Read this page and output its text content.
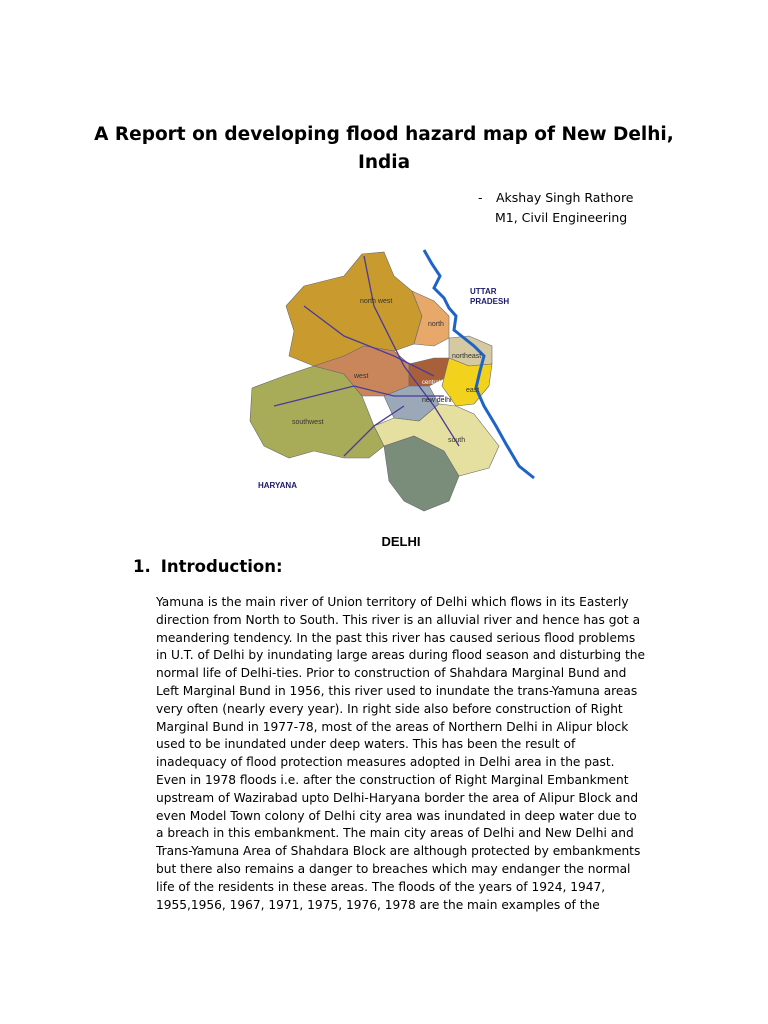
A Report on developing flood hazard map of New Delhi,
India
- Akshay Singh Rathore
M1, Civil Engineering
north west
north
northeast
west
central
new delhi
east
southwest
south
UTTAR
PRADESH
HARYANA
DELHI
1. Introduction:
Yamuna is the main river of Union territory of Delhi which flows in its Easterly
direction from North to South. This river is an alluvial river and hence has got a
meandering tendency. In the past this river has caused serious flood problems
in U.T. of Delhi by inundating large areas during flood season and disturbing the
normal life of Delhi-ties. Prior to construction of Shahdara Marginal Bund and
Left Marginal Bund in 1956, this river used to inundate the trans-Yamuna areas
very often (nearly every year). In right side also before construction of Right
Marginal Bund in 1977-78, most of the areas of Northern Delhi in Alipur block
used to be inundated under deep waters. This has been the result of
inadequacy of flood protection measures adopted in Delhi area in the past.
Even in 1978 floods i.e. after the construction of Right Marginal Embankment
upstream of Wazirabad upto Delhi-Haryana border the area of Alipur Block and
even Model Town colony of Delhi city area was inundated in deep water due to
a breach in this embankment. The main city areas of Delhi and New Delhi and
Trans-Yamuna Area of Shahdara Block are although protected by embankments
but there also remains a danger to breaches which may endanger the normal
life of the residents in these areas. The floods of the years of 1924, 1947,
1955,1956, 1967, 1971, 1975, 1976, 1978 are the main examples of the
